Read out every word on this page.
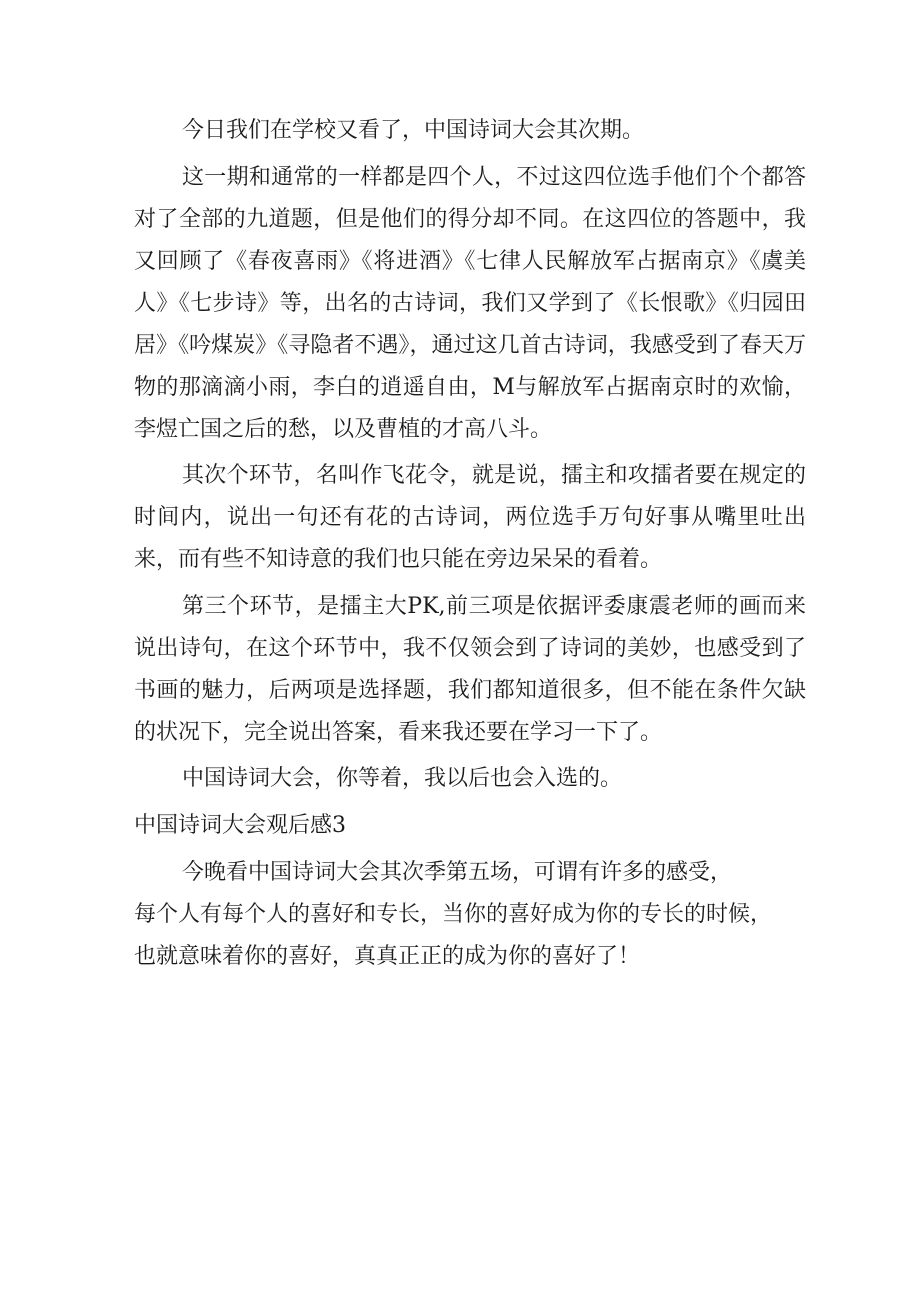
今日我们在学校又看了，中国诗词大会其次期。

这一期和通常的一样都是四个人，不过这四位选手他们个个都答对了全部的九道题，但是他们的得分却不同。在这四位的答题中，我又回顾了《春夜喜雨》《将进酒》《七律人民解放军占据南京》《虞美人》《七步诗》等，出名的古诗词，我们又学到了《长恨歌》《归园田居》《吟煤炭》《寻隐者不遇》，通过这几首古诗词，我感受到了春天万物的那滴滴小雨，李白的逍遥自由，M与解放军占据南京时的欢愉，李煜亡国之后的愁，以及曹植的才高八斗。

其次个环节，名叫作飞花令，就是说，擂主和攻擂者要在规定的时间内，说出一句还有花的古诗词，两位选手万句好事从嘴里吐出来，而有些不知诗意的我们也只能在旁边呆呆的看着。

第三个环节，是擂主大PK,前三项是依据评委康震老师的画而来说出诗句，在这个环节中，我不仅领会到了诗词的美妙，也感受到了书画的魅力，后两项是选择题，我们都知道很多，但不能在条件欠缺的状况下，完全说出答案，看来我还要在学习一下了。

中国诗词大会，你等着，我以后也会入选的。

中国诗词大会观后感3

今晚看中国诗词大会其次季第五场，可谓有许多的感受，
每个人有每个人的喜好和专长，当你的喜好成为你的专长的时候，
也就意味着你的喜好，真真正正的成为你的喜好了！
